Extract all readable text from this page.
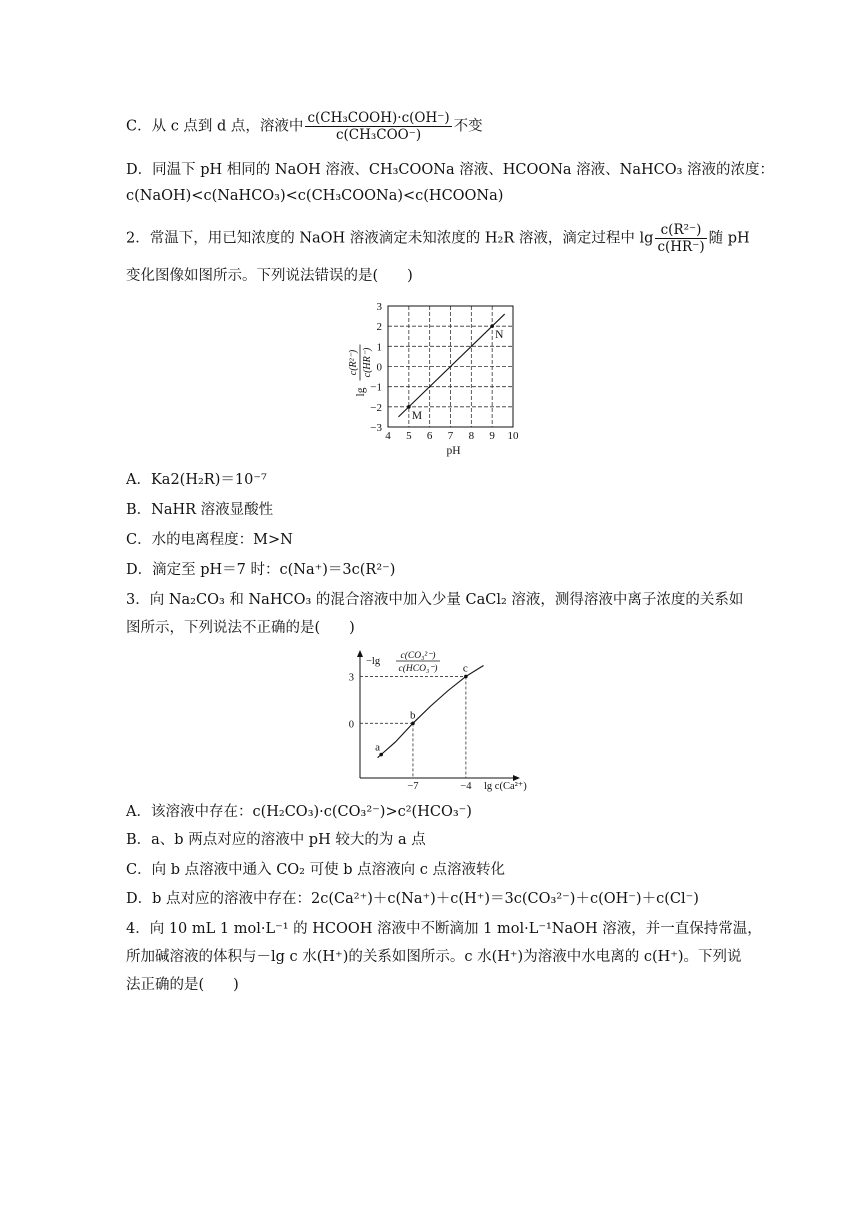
C．从 c 点到 d 点，溶液中 $\frac{\text{c(CH₃COOH)·c(OH⁻)}}{\text{c(CH₃COO⁻)}}$ 不变
D．同温下 pH 相同的 NaOH 溶液、CH₃COONa 溶液、HCOONa 溶液、NaHCO₃ 溶液的浓度：
c(NaOH)<c(NaHCO₃)<c(CH₃COONa)<c(HCOONa)
2．常温下，用已知浓度的 NaOH 溶液滴定未知浓度的 H₂R 溶液，滴定过程中 $\lg \frac{\text{c(R²⁻)}}{c(HR^-)}$ 随 pH
变化图像如图所示。下列说法错误的是(　　)
4 5 6 7 8 9 10
−3
−2
−1
0
1
2
3
pH
lg
c(R²⁻) c(HR⁻)
M
N
A．Ka2(H₂R)＝10⁻⁷
B．NaHR 溶液显酸性
C．水的电离程度：M>N
D．滴定至 pH＝7 时：c(Na⁺)＝3c(R²⁻)
3．向 Na₂CO₃ 和 NaHCO₃ 的混合溶液中加入少量 CaCl₂ 溶液，测得溶液中离子浓度的关系如
图所示，下列说法不正确的是(　　)
−lg c(CO₃²⁻)
c(HCO₃⁻)
lg c(Ca²⁺)
−7	−4
0
3
a
b
c
A．该溶液中存在：c(H₂CO₃)·c(CO₃²⁻)>c²(HCO₃⁻)
B．a、b 两点对应的溶液中 pH 较大的为 a 点
C．向 b 点溶液中通入 CO₂ 可使 b 点溶液向 c 点溶液转化
D．b 点对应的溶液中存在：2c(Ca²⁺)＋c(Na⁺)＋c(H⁺)＝3c(CO₃²⁻)＋c(OH⁻)＋c(Cl⁻)
4．向 10 mL 1 mol·L⁻¹ 的 HCOOH 溶液中不断滴加 1 mol·L⁻¹NaOH 溶液，并一直保持常温，
所加碱溶液的体积与－lg c 水(H⁺)的关系如图所示。c 水(H⁺)为溶液中水电离的 c(H⁺)。下列说
法正确的是(　　)
